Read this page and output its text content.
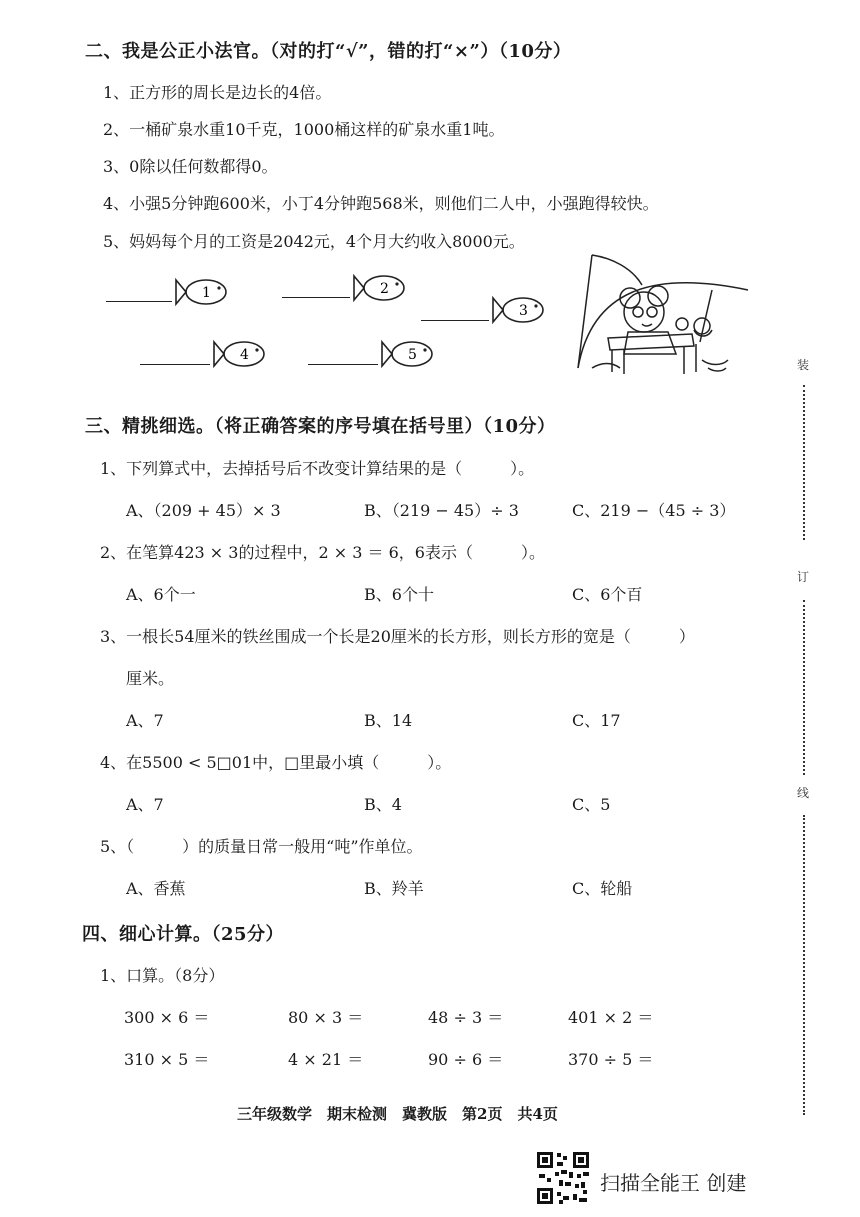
二、我是公正小法官。（对的打“√”，错的打“×”）（10分）
1、正方形的周长是边长的4倍。
2、一桶矿泉水重10千克，1000桶这样的矿泉水重1吨。
3、0除以任何数都得0。
4、小强5分钟跑600米，小丁4分钟跑568米，则他们二人中，小强跑得较快。
5、妈妈每个月的工资是2042元，4个月大约收入8000元。
1	2
3
4	5
三、精挑细选。（将正确答案的序号填在括号里）（10分）
1、下列算式中，去掉括号后不改变计算结果的是（　　　）。
A、（209 + 45）× 3	B、（219 − 45）÷ 3	C、219 −（45 ÷ 3）
2、在笔算423 × 3的过程中，2 × 3 ＝ 6，6表示（　　　）。
A、6个一	B、6个十	C、6个百
3、一根长54厘米的铁丝围成一个长是20厘米的长方形，则长方形的宽是（　　　）
厘米。
A、7	B、14	C、17
4、在5500 < 5□01中，□里最小填（　　　）。
A、7	B、4	C、5
5、（　　　）的质量日常一般用“吨”作单位。
A、香蕉	B、羚羊	C、轮船
四、细心计算。（25分）
1、口算。（8分）
300 × 6 ＝	80 × 3 ＝	48 ÷ 3 ＝	401 × 2 ＝
310 × 5 ＝	4 × 21 ＝	90 ÷ 6 ＝	370 ÷ 5 ＝
三年级数学　期末检测　冀教版　第2页　共4页
装
订
线
扫描全能王 创建
